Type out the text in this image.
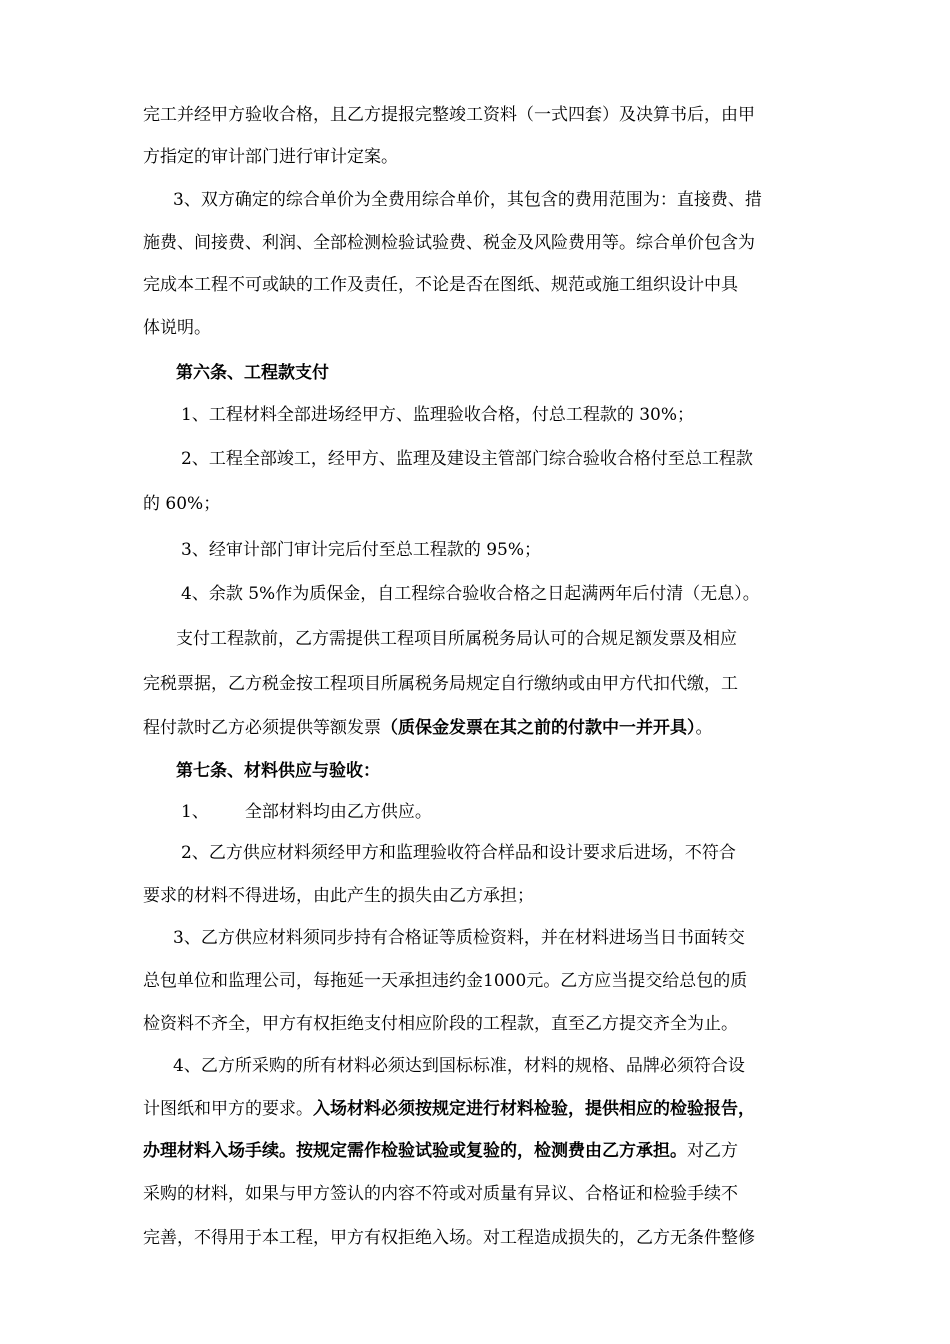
完工并经甲方验收合格，且乙方提报完整竣工资料（一式四套）及决算书后，由甲
方指定的审计部门进行审计定案。
3、双方确定的综合单价为全费用综合单价，其包含的费用范围为：直接费、措
施费、间接费、利润、全部检测检验试验费、税金及风险费用等。综合单价包含为
完成本工程不可或缺的工作及责任，不论是否在图纸、规范或施工组织设计中具
体说明。
第六条、工程款支付
1、工程材料全部进场经甲方、监理验收合格，付总工程款的 30%；
2、工程全部竣工，经甲方、监理及建设主管部门综合验收合格付至总工程款
的 60%；
3、经审计部门审计完后付至总工程款的 95%；
4、余款 5%作为质保金，自工程综合验收合格之日起满两年后付清（无息）。
支付工程款前，乙方需提供工程项目所属税务局认可的合规足额发票及相应
完税票据，乙方税金按工程项目所属税务局规定自行缴纳或由甲方代扣代缴，工
程付款时乙方必须提供等额发票（质保金发票在其之前的付款中一并开具）。
第七条、材料供应与验收：
1、 全部材料均由乙方供应。
2、乙方供应材料须经甲方和监理验收符合样品和设计要求后进场，不符合
要求的材料不得进场，由此产生的损失由乙方承担；
3、乙方供应材料须同步持有合格证等质检资料，并在材料进场当日书面转交
总包单位和监理公司，每拖延一天承担违约金1000元。乙方应当提交给总包的质
检资料不齐全，甲方有权拒绝支付相应阶段的工程款，直至乙方提交齐全为止。
4、乙方所采购的所有材料必须达到国标标准，材料的规格、品牌必须符合设
计图纸和甲方的要求。入场材料必须按规定进行材料检验，提供相应的检验报告，
办理材料入场手续。按规定需作检验试验或复验的，检测费由乙方承担。对乙方
采购的材料，如果与甲方签认的内容不符或对质量有异议、合格证和检验手续不
完善，不得用于本工程，甲方有权拒绝入场。对工程造成损失的，乙方无条件整修
